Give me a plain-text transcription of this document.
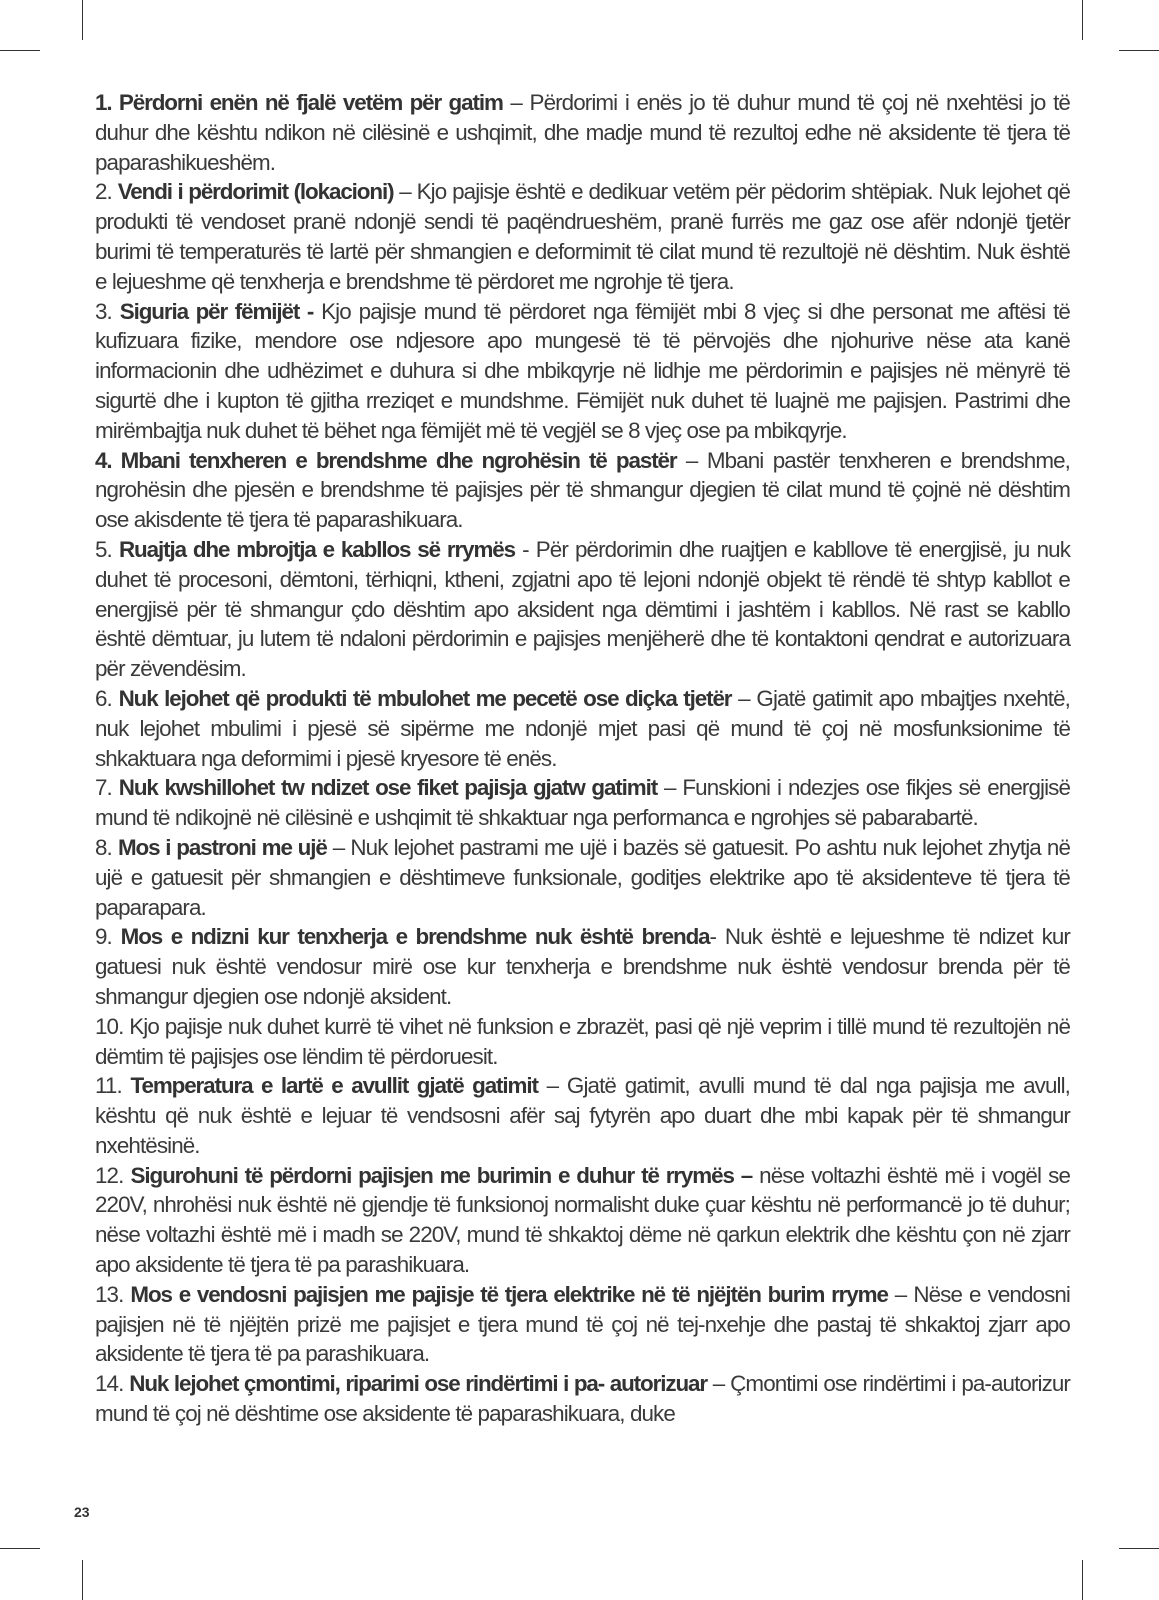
1. Përdorni enën në fjalë vetëm për gatim – Përdorimi i enës jo të duhur mund të çoj në nxehtësi jo të duhur dhe kështu ndikon në cilësinë e ushqimit, dhe madje mund të rezultoj edhe në aksidente të tjera të paparashikueshëm.

2. Vendi i përdorimit (lokacioni) – Kjo pajisje është e dedikuar vetëm për pëdorim shtëpiak. Nuk lejohet që produkti të vendoset pranë ndonjë sendi të paqëndrueshëm, pranë furrës me gaz ose afër ndonjë tjetër burimi të temperaturës të lartë për shmangien e deformimit të cilat mund të rezultojë në dështim. Nuk është e lejueshme që tenxherja e brendshme të përdoret me ngrohje të tjera.

3. Siguria për fëmijët - Kjo pajisje mund të përdoret nga fëmijët mbi 8 vjeç si dhe personat me aftësi të kufizuara fizike, mendore ose ndjesore apo mungesë të të përvojës dhe njohurive nëse ata kanë informacionin dhe udhëzimet e duhura si dhe mbikqyrje në lidhje me përdorimin e pajisjes në mënyrë të sigurtë dhe i kupton të gjitha rreziqet e mundshme. Fëmijët nuk duhet të luajnë me pajisjen. Pastrimi dhe mirëmbajtja nuk duhet të bëhet nga fëmijët më të vegjël se 8 vjeç ose pa mbikqyrje.

4. Mbani tenxheren e brendshme dhe ngrohësin të pastër – Mbani pastër tenxheren e brendshme, ngrohësin dhe pjesën e brendshme të pajisjes për të shmangur djegien të cilat mund të çojnë në dështim ose akisdente të tjera të paparashikuara.

5. Ruajtja dhe mbrojtja e kabllos së rrymës - Për përdorimin dhe ruajtjen e kabllove të energjisë, ju nuk duhet të procesoni, dëmtoni, tërhiqni, ktheni, zgjatni apo të lejoni ndonjë objekt të rëndë të shtyp kabllot e energjisë për të shmangur çdo dështim apo aksident nga dëmtimi i jashtëm i kabllos. Në rast se kabllo është dëmtuar, ju lutem të ndaloni përdorimin e pajisjes menjëherë dhe të kontaktoni qendrat e autorizuara për zëvendësim.

6. Nuk lejohet që produkti të mbulohet me pecetë ose diçka tjetër – Gjatë gatimit apo mbajtjes nxehtë, nuk lejohet mbulimi i pjesë së sipërme me ndonjë mjet pasi që mund të çoj në mosfunksionime të shkaktuara nga deformimi i pjesë kryesore të enës.

7. Nuk kwshillohet tw ndizet ose fiket pajisja gjatw gatimit – Funskioni i ndezjes ose fikjes së energjisë mund të ndikojnë në cilësinë e ushqimit të shkaktuar nga performanca e ngrohjes së pabarabartë.

8. Mos i pastroni me ujë – Nuk lejohet pastrami me ujë i bazës së gatuesit. Po ashtu nuk lejohet zhytja në ujë e gatuesit për shmangien e dështimeve funksionale, goditjes elektrike apo të aksidenteve të tjera të paparapara.

9. Mos e ndizni kur tenxherja e brendshme nuk është brenda- Nuk është e lejueshme të ndizet kur gatuesi nuk është vendosur mirë ose kur tenxherja e brendshme nuk është vendosur brenda për të shmangur djegien ose ndonjë aksident.

10. Kjo pajisje nuk duhet kurrë të vihet në funksion e zbrazët, pasi që një veprim i tillë mund të rezultojën në dëmtim të pajisjes ose lëndim të përdoruesit.

11. Temperatura e lartë e avullit gjatë gatimit – Gjatë gatimit, avulli mund të dal nga pajisja me avull, kështu që nuk është e lejuar të vendsosni afër saj fytyrën apo duart dhe mbi kapak për të shmangur nxehtësinë.

12. Sigurohuni të përdorni pajisjen me burimin e duhur të rrymës – nëse voltazhi është më i vogël se 220V, nhrohësi nuk është në gjendje të funksionoj normalisht duke çuar kështu në performancë jo të duhur; nëse voltazhi është më i madh se 220V, mund të shkaktoj dëme në qarkun elektrik dhe kështu çon në zjarr apo aksidente të tjera të pa parashikuara.

13. Mos e vendosni pajisjen me pajisje të tjera elektrike në të njëjtën burim rryme – Nëse e vendosni pajisjen në të njëjtën prizë me pajisjet e tjera mund të çoj në tej-nxehje dhe pastaj të shkaktoj zjarr apo aksidente të tjera të pa parashikuara.

14. Nuk lejohet çmontimi, riparimi ose rindërtimi i pa- autorizuar – Çmontimi ose rindërtimi i pa-autorizur mund të çoj në dështime ose aksidente të paparashikuara, duke

23
